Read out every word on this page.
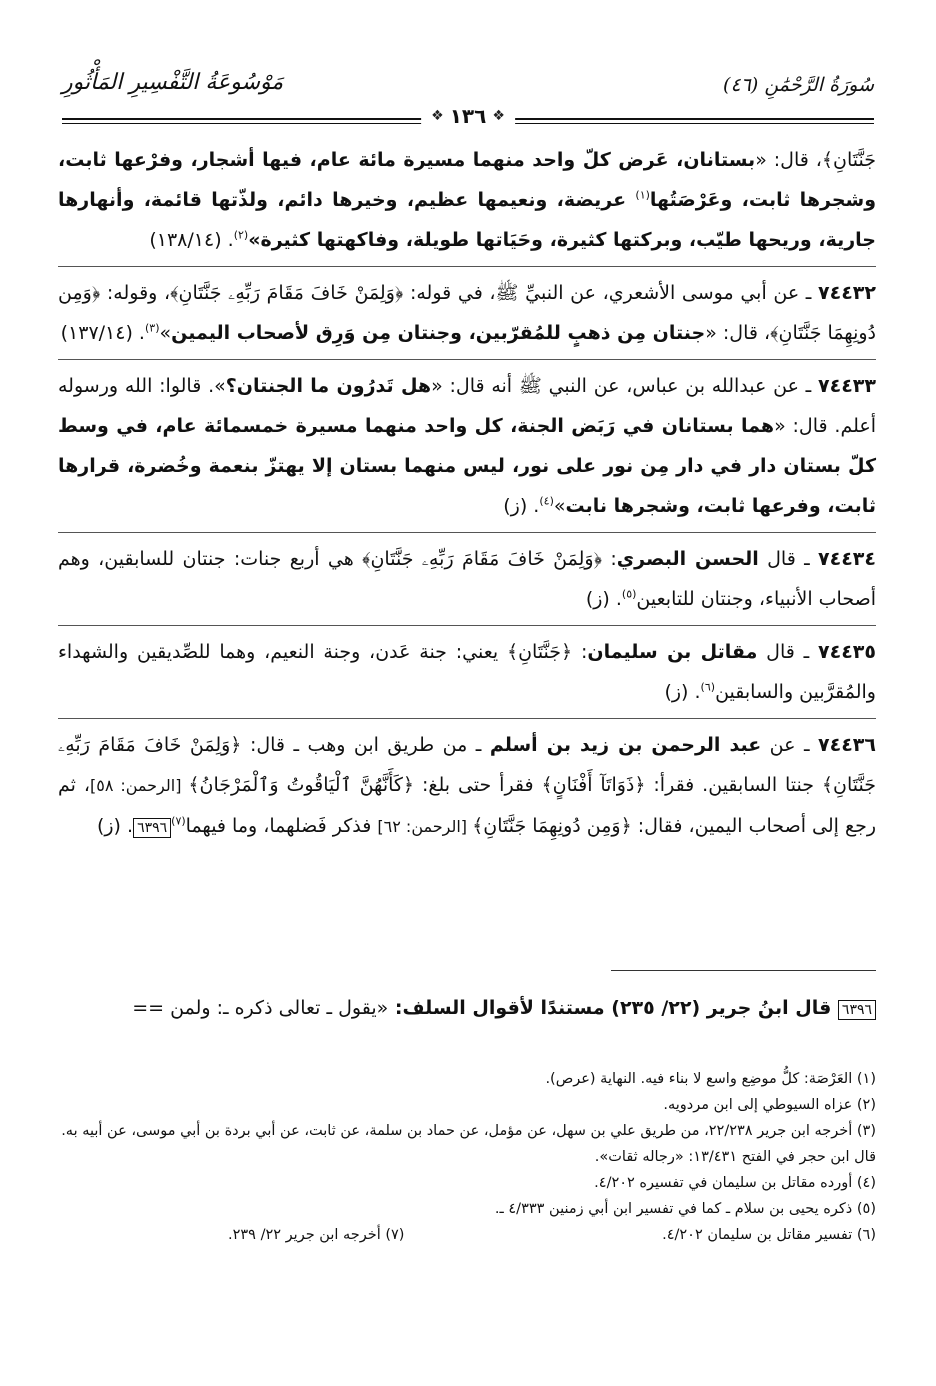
سُورَةُ الرَّحْمَٰنِ (٤٦)
مَوْسُوعَةُ التَّفْسِيرِ المَأْثُورِ
❖ ١٣٦ ❖

جَنَّتَانِ﴾، قال: «بستانان، عَرض كلّ واحد منهما مسيرة مائة عام، فيها أشجار، وفرْعها ثابت، وشجرها ثابت، وعَرْصَتُها$^{(١)}$ عريضة، ونعيمها عظيم، وخيرها دائم، ولذّتها قائمة، وأنهارها جارية، وريحها طيّب، وبركتها كثيرة، وحَيَاتها طويلة، وفاكهتها كثيرة»$^{(٢)}$. (١٣٨/١٤)

٧٤٤٣٢ ـ عن أبي موسى الأشعري، عن النبيِّ ﷺ، في قوله: ﴿وَلِمَنْ خَافَ مَقَامَ رَبِّهِۦ جَنَّتَانِ﴾، وقوله: ﴿وَمِن دُونِهِمَا جَنَّتَانِ﴾، قال: «جنتان مِن ذهبٍ للمُقرّبين، وجنتان مِن وَرِق لأصحاب اليمين»$^{(٣)}$. (١٣٧/١٤)

٧٤٤٣٣ ـ عن عبدالله بن عباس، عن النبي ﷺ أنه قال: «هل تَدرُون ما الجنتان؟». قالوا: الله ورسوله أعلم. قال: «هما بستانان في رَبَض الجنة، كل واحد منهما مسيرة خمسمائة عام، في وسط كلّ بستان دار في دار مِن نور على نور، ليس منهما بستان إلا يهتزّ بنعمة وخُضرة، قرارها ثابت، وفرعها ثابت، وشجرها نابت»$^{(٤)}$. (ز)

٧٤٤٣٤ ـ قال الحسن البصري: ﴿وَلِمَنْ خَافَ مَقَامَ رَبِّهِۦ جَنَّتَانِ﴾ هي أربع جنات: جنتان للسابقين، وهم أصحاب الأنبياء، وجنتان للتابعين$^{(٥)}$. (ز)

٧٤٤٣٥ ـ قال مقاتل بن سليمان: ﴿جَنَّتَانِ﴾ يعني: جنة عَدن، وجنة النعيم، وهما للصِّديقين والشهداء والمُقرَّبين والسابقين$^{(٦)}$. (ز)

٧٤٤٣٦ ـ عن عبد الرحمن بن زيد بن أسلم ـ من طريق ابن وهب ـ قال: ﴿وَلِمَنْ خَافَ مَقَامَ رَبِّهِۦ جَنَّتَانِ﴾ جنتا السابقين. فقرأ: ﴿ذَوَاتَآ أَفْنَانٍ﴾ فقرأ حتى بلغ: ﴿كَأَنَّهُنَّ ٱلْيَاقُوتُ وَٱلْمَرْجَانُ﴾ [الرحمن: ٥٨]، ثم رجع إلى أصحاب اليمين، فقال: ﴿وَمِن دُونِهِمَا جَنَّتَانِ﴾ [الرحمن: ٦٢] فذكر فَضلهما، وما فيهما$^{(٧)}$٦٣٩٦. (ز)

٦٣٩٦ قال ابنُ جرير (٢٢/ ٢٣٥) مستندًا لأقوال السلف: «يقول ـ تعالى ذكره ـ: ولمن ==

(١) العَرْصَة: كلُّ موضِع واسع لا بناء فيه. النهاية (عرص).

(٢) عزاه السيوطي إلى ابن مردويه.

(٣) أخرجه ابن جرير ٢٢/٢٣٨، من طريق علي بن سهل، عن مؤمل، عن حماد بن سلمة، عن ثابت، عن أبي بردة بن أبي موسى، عن أبيه به.

قال ابن حجر في الفتح ١٣/٤٣١: «رجاله ثقات».

(٤) أورده مقاتل بن سليمان في تفسيره ٤/٢٠٢.

(٥) ذكره يحيى بن سلام ـ كما في تفسير ابن أبي زمنين ٤/٣٣٣ ـ.

(٦) تفسير مقاتل بن سليمان ٤/٢٠٢.
(٧) أخرجه ابن جرير ٢٢/ ٢٣٩.
